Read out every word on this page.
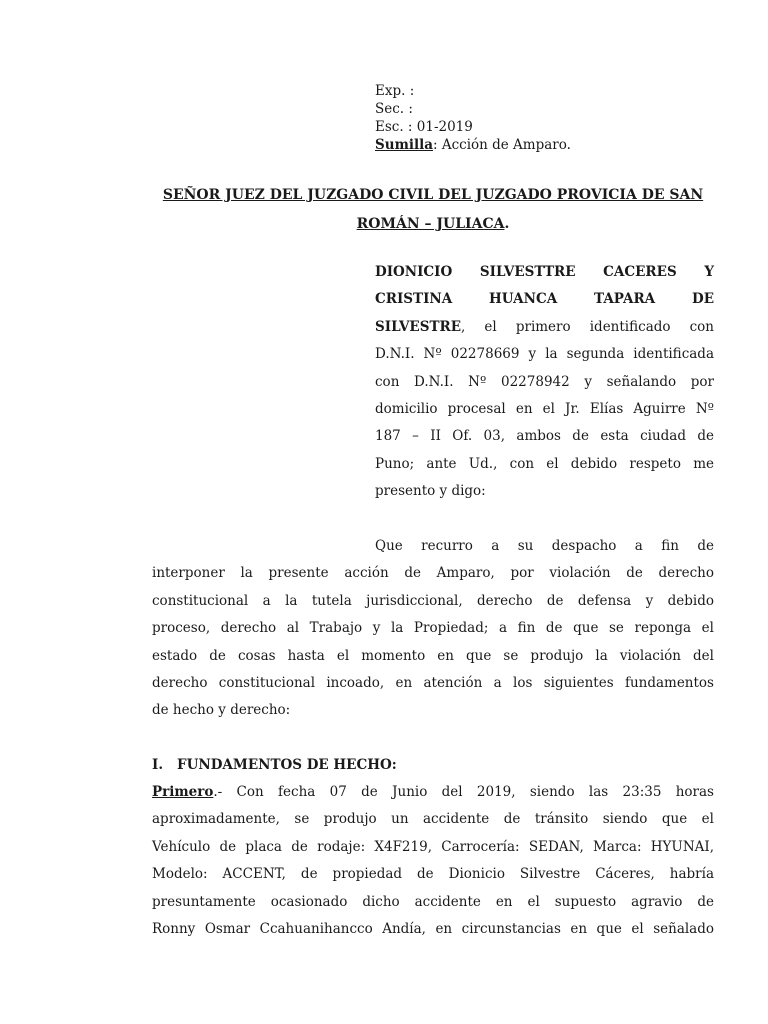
Exp. :
Sec. :
Esc. : 01-2019
Sumilla: Acción de Amparo.
SEÑOR JUEZ DEL JUZGADO CIVIL DEL JUZGADO PROVICIA DE SAN
ROMÁN – JULIACA.
DIONICIO SILVESTTRE CACERES Y
CRISTINA HUANCA TAPARA DE
SILVESTRE, el primero identificado con
D.N.I. Nº 02278669 y la segunda identificada
con D.N.I. Nº 02278942 y señalando por
domicilio procesal en el Jr. Elías Aguirre Nº
187 – II Of. 03, ambos de esta ciudad de
Puno; ante Ud., con el debido respeto me
presento y digo:
Que recurro a su despacho a fin de
interponer la presente acción de Amparo, por violación de derecho
constitucional a la tutela jurisdiccional, derecho de defensa y debido
proceso, derecho al Trabajo y la Propiedad; a fin de que se reponga el
estado de cosas hasta el momento en que se produjo la violación del
derecho constitucional incoado, en atención a los siguientes fundamentos
de hecho y derecho:
I. FUNDAMENTOS DE HECHO:
Primero.- Con fecha 07 de Junio del 2019, siendo las 23:35 horas
aproximadamente, se produjo un accidente de tránsito siendo que el
Vehículo de placa de rodaje: X4F219, Carrocería: SEDAN, Marca: HYUNAI,
Modelo: ACCENT, de propiedad de Dionicio Silvestre Cáceres, habría
presuntamente ocasionado dicho accidente en el supuesto agravio de
Ronny Osmar Ccahuanihancco Andía, en circunstancias en que el señalado
